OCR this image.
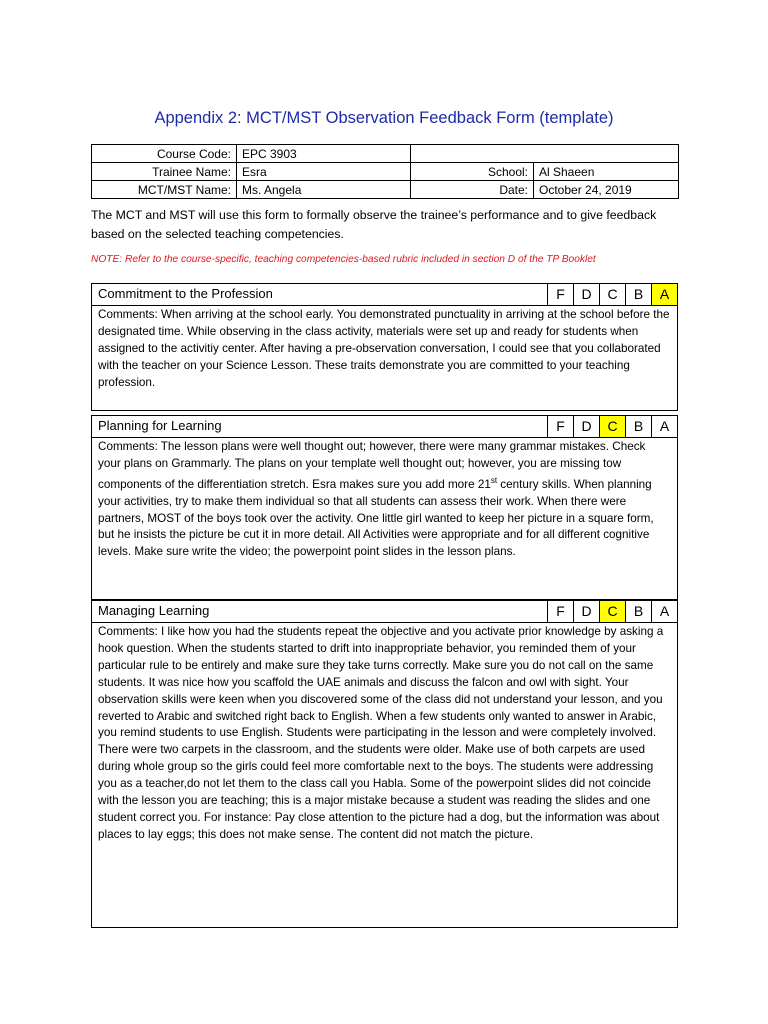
Appendix 2: MCT/MST Observation Feedback Form (template)
Course Code:	EPC 3903		
Trainee Name:	Esra	School:	Al Shaeen
MCT/MST Name:	Ms. Angela	Date:	October 24, 2019
The MCT and MST will use this form to formally observe the trainee’s performance and to give feedback based on the selected teaching competencies.
NOTE: Refer to the course-specific, teaching competencies-based rubric included in section D of the TP Booklet
Commitment to the Profession	F	D	C	B	A
Comments: When arriving at the school early. You demonstrated punctuality in arriving at the school before the designated time. While observing in the class activity, materials were set up and ready for students when assigned to the activitiy center. After having a pre-observation conversation, I could see that you collaborated with the teacher on your Science Lesson. These traits demonstrate you are committed to your teaching profession.
Planning for Learning	F	D	C	B	A
Comments: The lesson plans were well thought out; however, there were many grammar mistakes. Check your plans on Grammarly. The plans on your template well thought out; however, you are missing tow components of the differentiation stretch. Esra makes sure you add more 21st century skills. When planning your activities, try to make them individual so that all students can assess their work. When there were partners, MOST of the boys took over the activity. One little girl wanted to keep her picture in a square form, but he insists the picture be cut it in more detail. All Activities were appropriate and for all different cognitive levels. Make sure write the video; the powerpoint point slides in the lesson plans.
Managing Learning	F	D	C	B	A
Comments: I like how you had the students repeat the objective and you activate prior knowledge by asking a hook question. When the students started to drift into inappropriate behavior, you reminded them of your particular rule to be entirely and make sure they take turns correctly. Make sure you do not call on the same students. It was nice how you scaffold the UAE animals and discuss the falcon and owl with sight. Your observation skills were keen when you discovered some of the class did not understand your lesson, and you reverted to Arabic and switched right back to English. When a few students only wanted to answer in Arabic, you remind students to use English. Students were participating in the lesson and were completely involved. There were two carpets in the classroom, and the students were older. Make use of both carpets are used during whole group so the girls could feel more comfortable next to the boys. The students were addressing you as a teacher,do not let them to the class call you Habla. Some of the powerpoint slides did not coincide with the lesson you are teaching; this is a major mistake because a student was reading the slides and one student correct you. For instance: Pay close attention to the picture had a dog, but the information was about places to lay eggs; this does not make sense. The content did not match the picture.
